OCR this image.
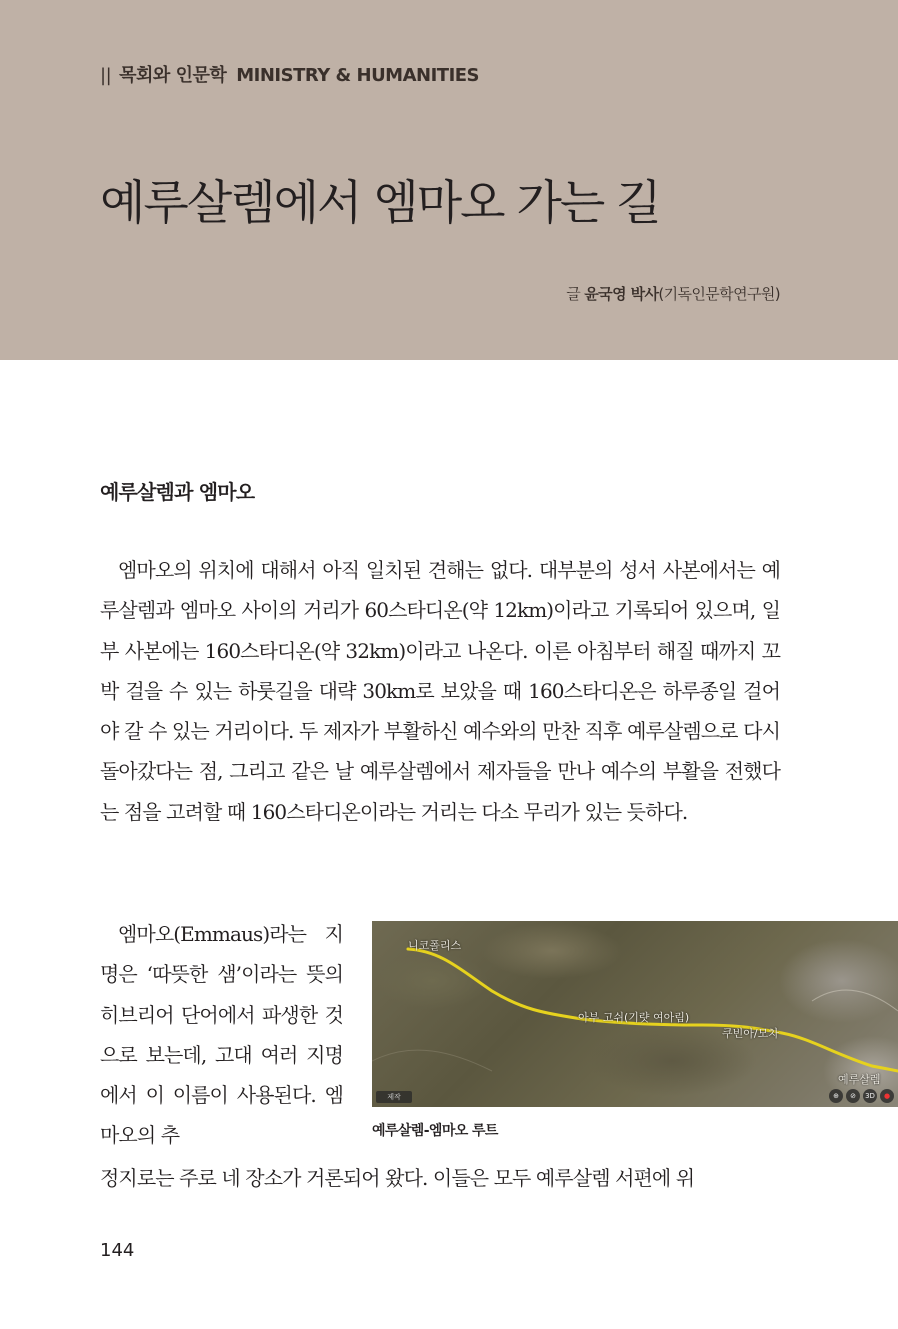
|| 목회와 인문학 MINISTRY & HUMANITIES
예루살렘에서 엠마오 가는 길
글 윤국영 박사(기독인문학연구원)
예루살렘과 엠마오

엠마오의 위치에 대해서 아직 일치된 견해는 없다. 대부분의 성서 사본에서는 예루살렘과 엠마오 사이의 거리가 60스타디온(약 12km)이라고 기록되어 있으며, 일부 사본에는 160스타디온(약 32km)이라고 나온다. 이른 아침부터 해질 때까지 꼬박 걸을 수 있는 하룻길을 대략 30km로 보았을 때 160스타디온은 하루종일 걸어야 갈 수 있는 거리이다. 두 제자가 부활하신 예수와의 만찬 직후 예루살렘으로 다시 돌아갔다는 점, 그리고 같은 날 예루살렘에서 제자들을 만나 예수의 부활을 전했다는 점을 고려할 때 160스타디온이라는 거리는 다소 무리가 있는 듯하다.

엠마오(Emmaus)라는 지명은 ‘따뜻한 샘’이라는 뜻의 히브리어 단어에서 파생한 것으로 보는데, 고대 여러 지명에서 이 이름이 사용된다. 엠마오의 추

니코폴리스
아부 고쉬(기럇 여아림)
쿠빈아/모차
예루살렘
제작	⊕	⊘	3D	●
예루살렘-엠마오 루트

정지로는 주로 네 장소가 거론되어 왔다. 이들은 모두 예루살렘 서편에 위

144
